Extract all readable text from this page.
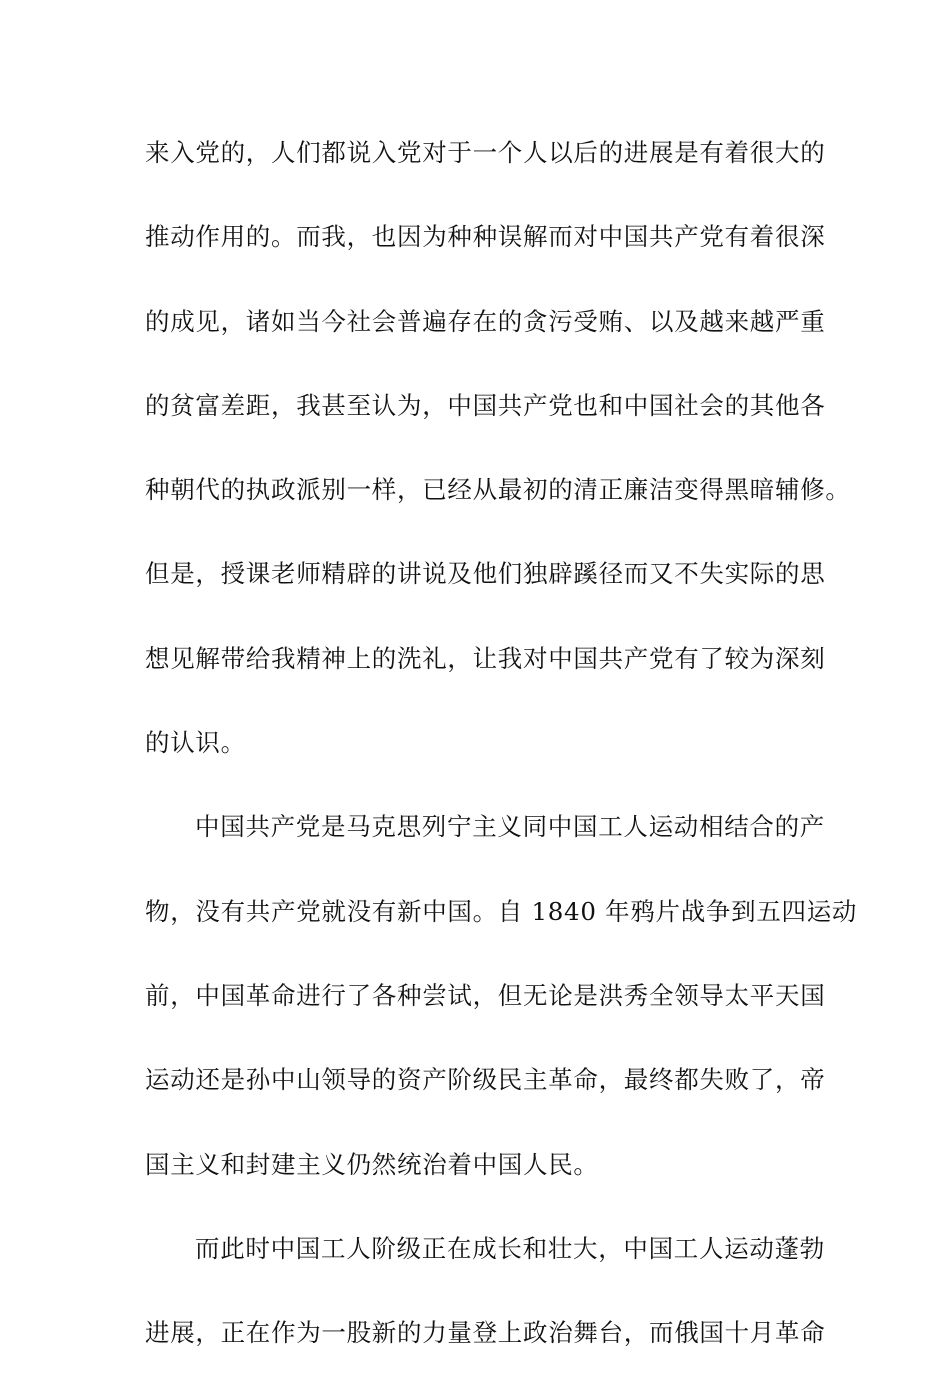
来入党的，人们都说入党对于一个人以后的进展是有着很大的
推动作用的。而我，也因为种种误解而对中国共产党有着很深
的成见，诸如当今社会普遍存在的贪污受贿、以及越来越严重
的贫富差距，我甚至认为，中国共产党也和中国社会的其他各
种朝代的执政派别一样，已经从最初的清正廉洁变得黑暗辅修。
但是，授课老师精辟的讲说及他们独辟蹊径而又不失实际的思
想见解带给我精神上的洗礼，让我对中国共产党有了较为深刻
的认识。
中国共产党是马克思列宁主义同中国工人运动相结合的产
物，没有共产党就没有新中国。自 1840 年鸦片战争到五四运动
前，中国革命进行了各种尝试，但无论是洪秀全领导太平天国
运动还是孙中山领导的资产阶级民主革命，最终都失败了，帝
国主义和封建主义仍然统治着中国人民。
而此时中国工人阶级正在成长和壮大，中国工人运动蓬勃
进展，正在作为一股新的力量登上政治舞台，而俄国十月革命
